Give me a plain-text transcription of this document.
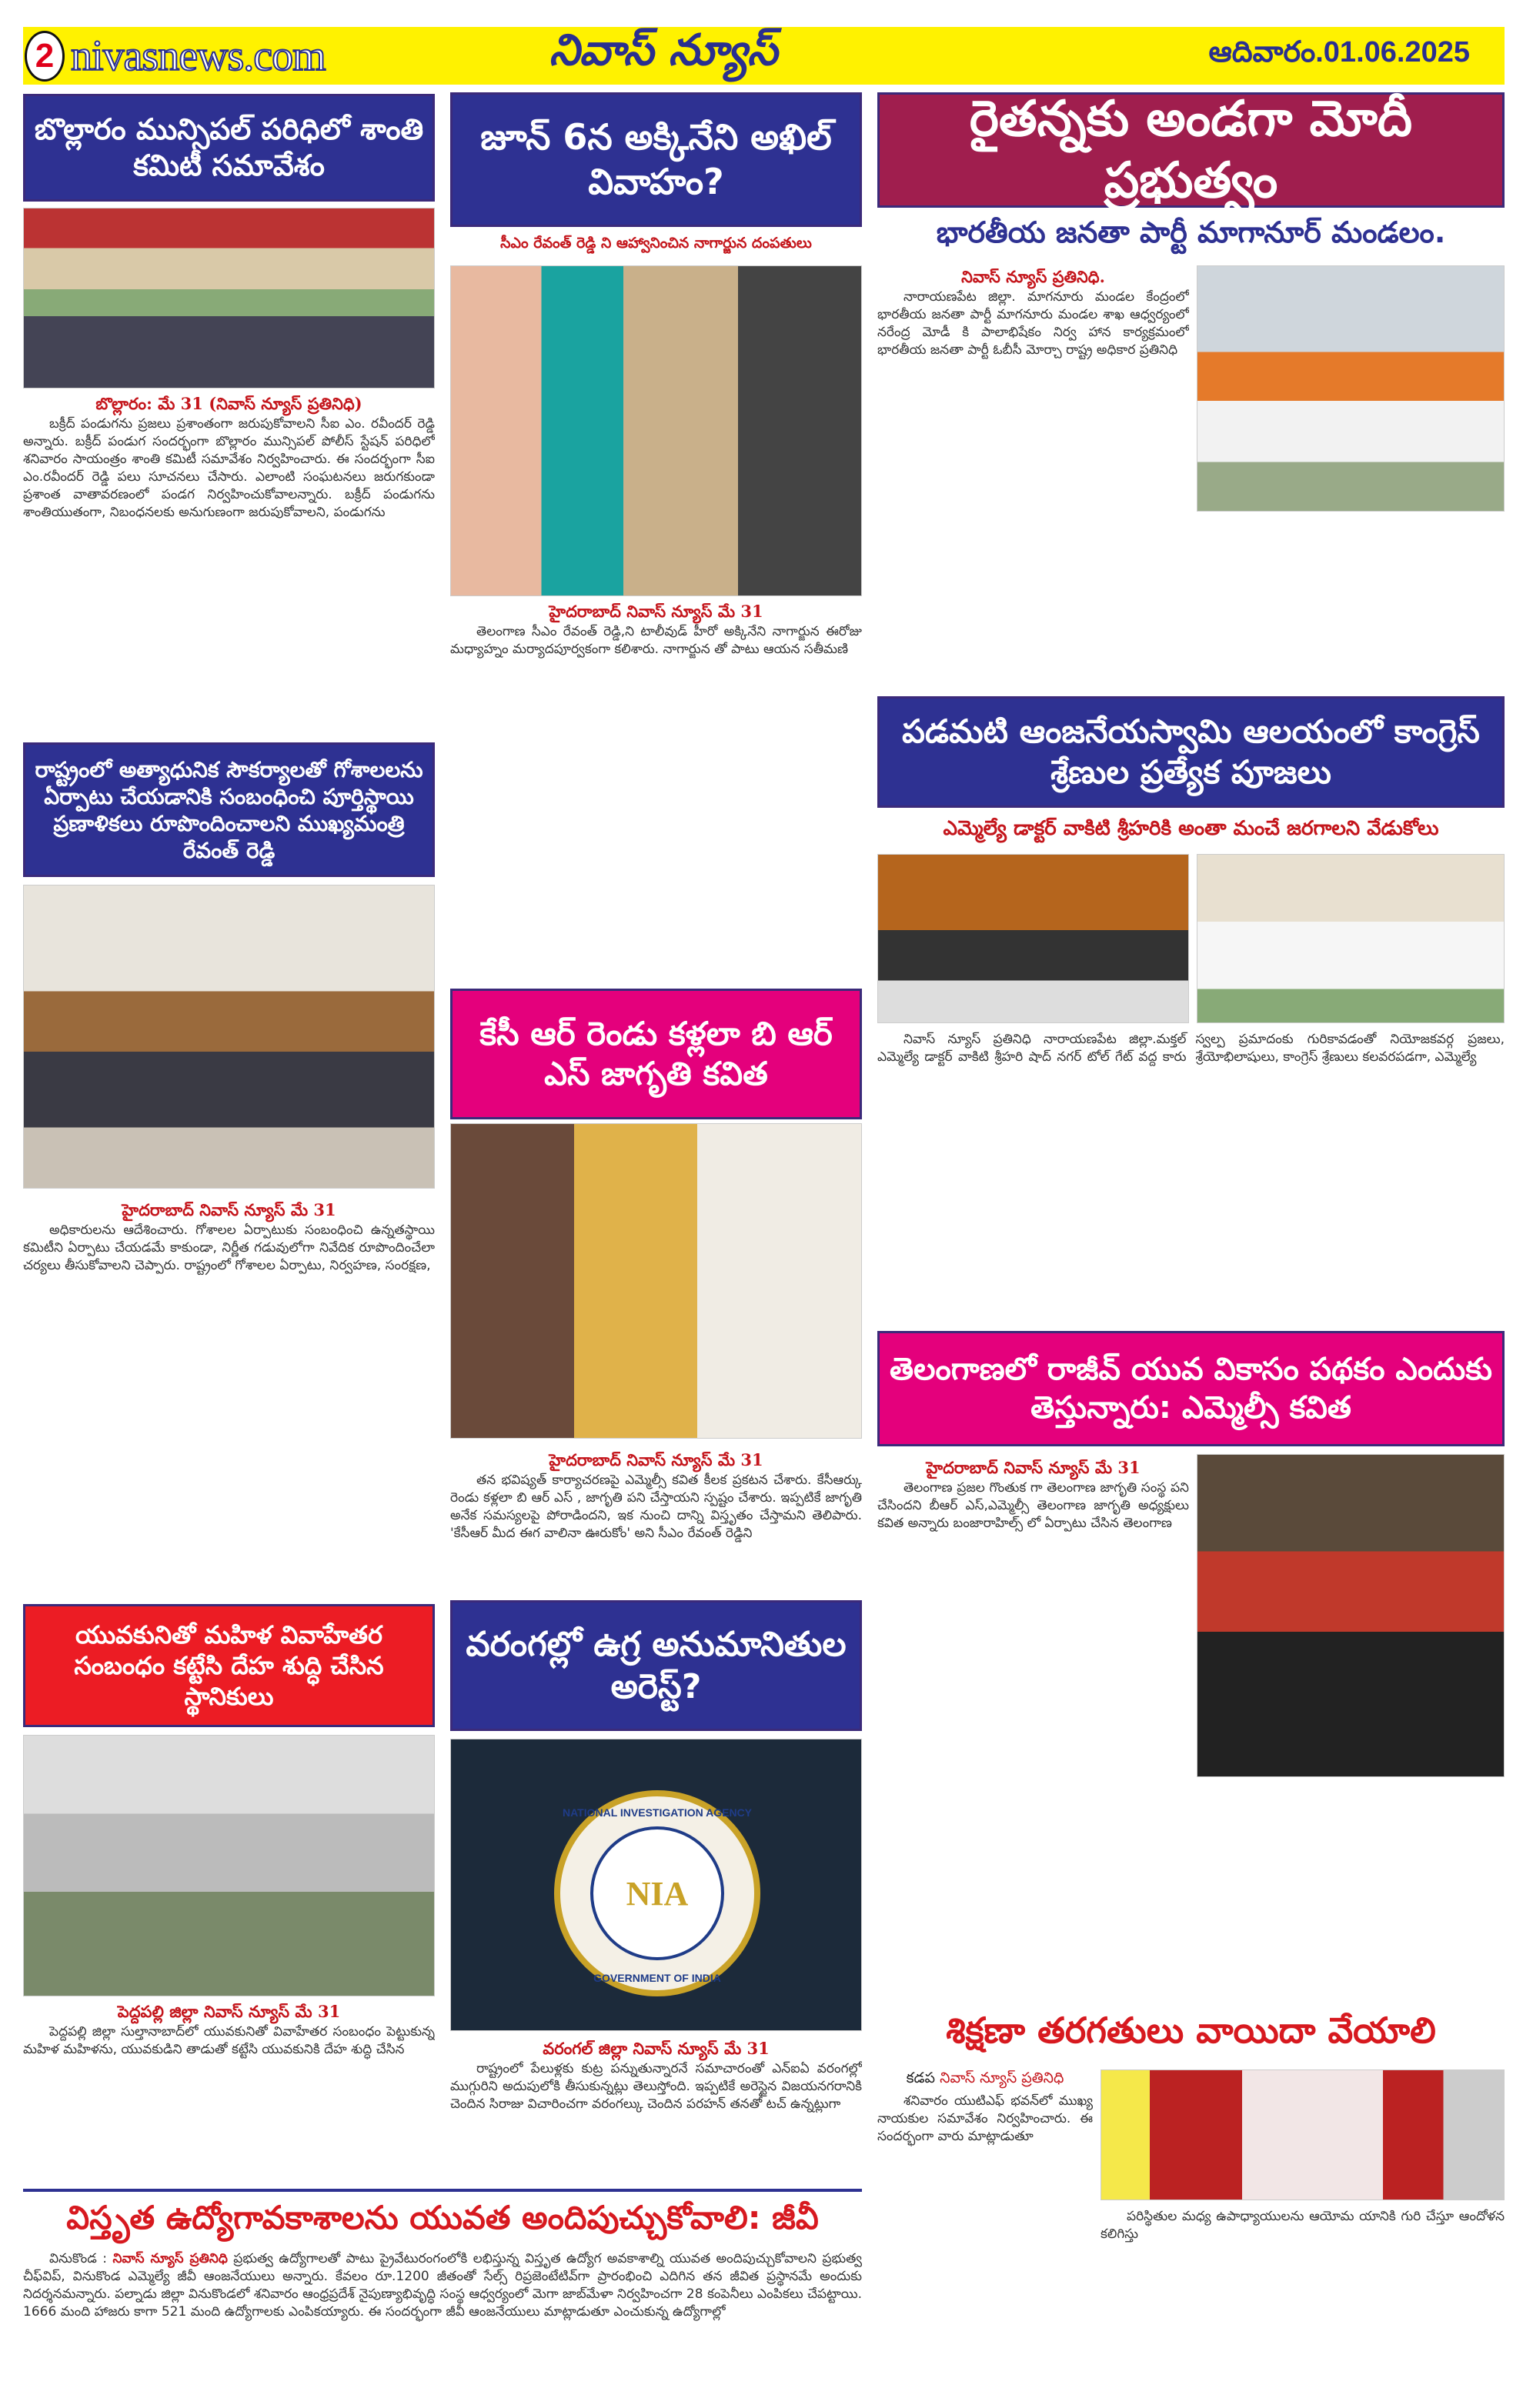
2 nivasnews.com	నివాస్ న్యూస్	ఆదివారం.01.06.2025
బొల్లారం మున్సిపల్ పరిధిలో శాంతి కమిటీ సమావేశం
బొల్లారం: మే 31 (నివాస్ న్యూస్ ప్రతినిధి)
బక్రీద్ పండుగను ప్రజలు ప్రశాంతంగా జరుపుకోవాలని సీఐ ఎం. రవీందర్ రెడ్డి అన్నారు. బక్రీద్ పండుగ సందర్భంగా బొల్లారం మున్సిపల్ పోలీస్ స్టేషన్ పరిధిలో శనివారం సాయంత్రం శాంతి కమిటీ సమావేశం నిర్వహించారు. ఈ సందర్భంగా సీఐ ఎం.రవీందర్ రెడ్డి పలు సూచనలు చేసారు. ఎలాంటి సంఘటనలు జరుగకుండా ప్రశాంత వాతావరణంలో పండగ నిర్వహించుకోవాలన్నారు. బక్రీద్ పండుగను శాంతియుతంగా, నిబంధనలకు అనుగుణంగా జరుపుకోవాలని, పండుగను
రాష్ట్రంలో అత్యాధునిక సౌకర్యాలతో గోశాలలను ఏర్పాటు చేయడానికి సంబంధించి పూర్తిస్థాయి ప్రణాళికలు రూపొందించాలని ముఖ్యమంత్రి రేవంత్ రెడ్డి
హైదరాబాద్ నివాస్ న్యూస్ మే 31
అధికారులను ఆదేశించారు. గోశాలల ఏర్పాటుకు సంబంధించి ఉన్నతస్థాయి కమిటీని ఏర్పాటు చేయడమే కాకుండా, నిర్ణీత గడువులోగా నివేదిక రూపొందించేలా చర్యలు తీసుకోవాలని చెప్పారు. రాష్ట్రంలో గోశాలల ఏర్పాటు, నిర్వహణ, సంరక్షణ,
యువకునితో మహిళ వివాహేతర సంబంధం కట్టేసి దేహ శుద్ధి చేసిన స్థానికులు
పెద్దపల్లి జిల్లా నివాస్ న్యూస్ మే 31
పెద్దపల్లి జిల్లా సుల్తానాబాద్‌లో యువకునితో వివాహేతర సంబంధం పెట్టుకున్న మహిళ మహిళను, యువకుడిని తాడుతో కట్టేసి యువకునికి దేహ శుద్ధి చేసిన
జూన్ 6న అక్కినేని అఖిల్ వివాహం?
సీఎం రేవంత్ రెడ్డి ని ఆహ్వానించిన నాగార్జున దంపతులు
హైదరాబాద్ నివాస్ న్యూస్ మే 31
తెలంగాణ సీఎం రేవంత్ రెడ్డి,ని టాలీవుడ్ హీరో అక్కినేని నాగార్జున ఈరోజు మధ్యాహ్నం మర్యాదపూర్వకంగా కలిశారు. నాగార్జున తో పాటు ఆయన సతీమణి
కేసీ ఆర్ రెండు కళ్లలా బి ఆర్ ఎస్ జాగృతి కవిత
హైదరాబాద్ నివాస్ న్యూస్ మే 31
తన భవిష్యత్ కార్యాచరణపై ఎమ్మెల్సీ కవిత కీలక ప్రకటన చేశారు. కేసీఆర్కు రెండు కళ్లలా బి ఆర్ ఎస్ , జాగృతి పని చేస్తాయని స్పష్టం చేశారు. ఇప్పటికే జాగృతి అనేక సమస్యలపై పోరాడిందని, ఇక నుంచి దాన్ని విస్తృతం చేస్తామని తెలిపారు. 'కేసీఆర్ మీద ఈగ వాలినా ఊరుకోం' అని సీఎం రేవంత్ రెడ్డిని
వరంగల్లో ఉగ్ర అనుమానితుల అరెస్ట్?
NIA
NATIONAL INVESTIGATION AGENCY
GOVERNMENT OF INDIA
వరంగల్ జిల్లా నివాస్ న్యూస్ మే 31
రాష్ట్రంలో పేలుళ్లకు కుట్ర పన్నుతున్నారనే సమాచారంతో ఎన్ఐఏ వరంగల్లో ముగ్గురిని అదుపులోకి తీసుకున్నట్లు తెలుస్తోంది. ఇప్పటికే అరెస్టైన విజయనగరానికి చెందిన సిరాజు విచారించగా వరంగల్కు చెందిన పరహన్ తనతో టచ్ ఉన్నట్లుగా
రైతన్నకు అండగా మోదీ ప్రభుత్వం
భారతీయ జనతా పార్టీ మాగానూర్ మండలం.
నివాస్ న్యూస్ ప్రతినిధి.
నారాయణపేట జిల్లా. మాగనూరు మండల కేంద్రంలో భారతీయ జనతా పార్టీ మాగనూరు మండల శాఖ ఆధ్వర్యంలో నరేంద్ర మోడీ కి పాలాభిషేకం నిర్వ హాన కార్యక్రమంలో భారతీయ జనతా పార్టీ ఓబీసీ మోర్చా రాష్ట్ర అధికార ప్రతినిధి
పడమటి ఆంజనేయస్వామి ఆలయంలో కాంగ్రెస్ శ్రేణుల ప్రత్యేక పూజలు
ఎమ్మెల్యే డాక్టర్ వాకిటి శ్రీహరికి అంతా మంచే జరగాలని వేడుకోలు
నివాస్ న్యూస్ ప్రతినిధి నారాయణపేట జిల్లా.మక్తల్ ఎమ్మెల్యే డాక్టర్ వాకిటి శ్రీహరి షాద్ నగర్ టోల్ గేట్ వద్ద కారు స్వల్ప ప్రమాదంకు గురికావడంతో నియోజకవర్గ ప్రజలు, శ్రేయోభిలాషులు, కాంగ్రెస్ శ్రేణులు కలవరపడగా, ఎమ్మెల్యే
తెలంగాణలో రాజీవ్ యువ వికాసం పథకం ఎందుకు తెస్తున్నారు: ఎమ్మెల్సీ కవిత
హైదరాబాద్ నివాస్ న్యూస్ మే 31
తెలంగాణ ప్రజల గొంతుక గా తెలంగాణ జాగృతి సంస్థ పని చేసిందని బీఆర్ ఎస్,ఎమ్మెల్సీ తెలంగాణ జాగృతి అధ్యక్షులు కవిత అన్నారు బంజారాహిల్స్ లో ఏర్పాటు చేసిన తెలంగాణ
శిక్షణా తరగతులు వాయిదా వేయాలి
కడప నివాస్ న్యూస్ ప్రతినిధి
శనివారం యుటిఎఫ్ భవన్‌లో ముఖ్య నాయకుల సమావేశం నిర్వహించారు. ఈ సందర్భంగా వారు మాట్లాడుతూ
పరిస్థితుల మధ్య ఉపాధ్యాయులను ఆయోమ యానికి గురి చేస్తూ ఆందోళన కలిగిస్తు
విస్తృత ఉద్యోగావకాశాలను యువత అందిపుచ్చుకోవాలి: జీవీ
వినుకొండ : నివాస్ న్యూస్ ప్రతినిధి ప్రభుత్వ ఉద్యోగాలతో పాటు ప్రైవేటురంగంలోకి లభిస్తున్న విస్తృత ఉద్యోగ అవకాశాల్ని యువత అందిపుచ్చుకోవాలని ప్రభుత్వ చీఫ్‌విప్, వినుకొండ ఎమ్మెల్యే జీవీ ఆంజనేయులు అన్నారు. కేవలం రూ.1200 జీతంతో సేల్స్ రిప్రజెంటేటివ్‌గా ప్రారంభించి ఎదిగిన తన జీవిత ప్రస్థానమే అందుకు నిదర్శనమన్నారు. పల్నాడు జిల్లా వినుకొండలో శనివారం ఆంధ్రప్రదేశ్ నైపుణ్యాభివృద్ధి సంస్థ ఆధ్వర్యంలో మెగా జాబ్‌మేళా నిర్వహించగా 28 కంపెనీలు ఎంపికలు చేపట్టాయి. 1666 మంది హాజరు కాగా 521 మంది ఉద్యోగాలకు ఎంపికయ్యారు. ఈ సందర్భంగా జీవీ ఆంజనేయులు మాట్లాడుతూ ఎంచుకున్న ఉద్యోగాల్లో
